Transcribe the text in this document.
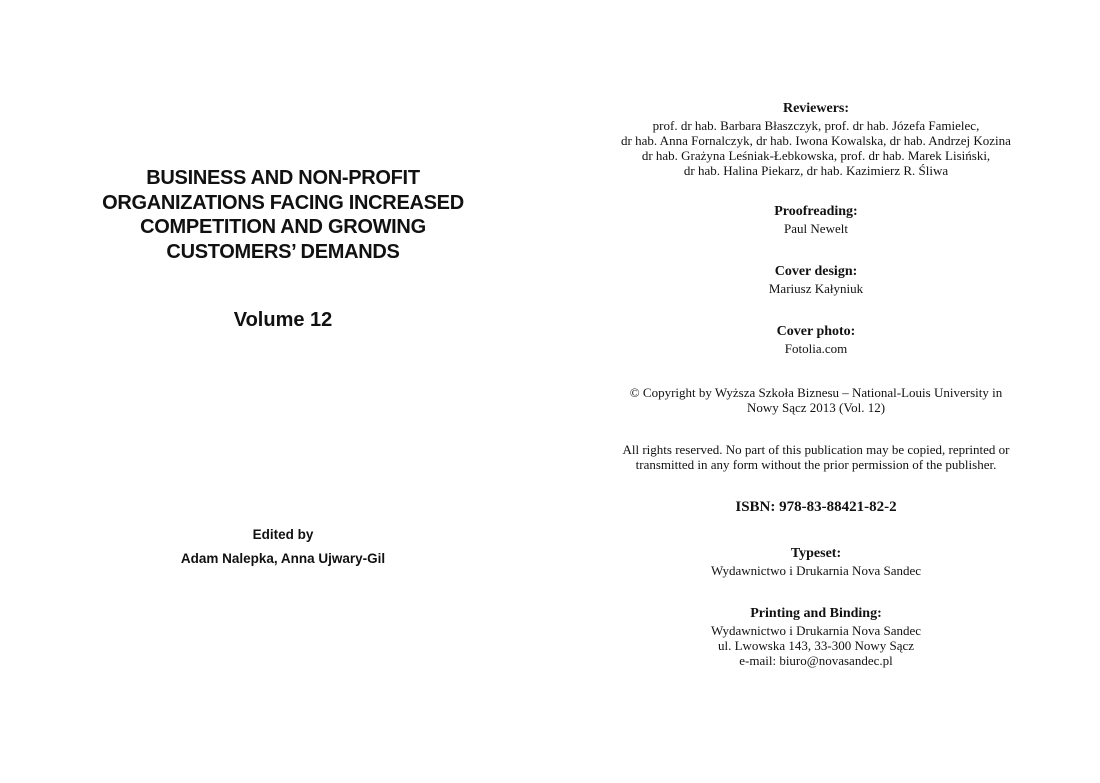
BUSINESS AND NON-PROFIT
ORGANIZATIONS FACING INCREASED
COMPETITION AND GROWING
CUSTOMERS’ DEMANDS
Volume 12
Edited by
Adam Nalepka, Anna Ujwary-Gil
Reviewers:
prof. dr hab. Barbara Błaszczyk, prof. dr hab. Józefa Famielec,
dr hab. Anna Fornalczyk, dr hab. Iwona Kowalska, dr hab. Andrzej Kozina
dr hab. Grażyna Leśniak-Łebkowska, prof. dr hab. Marek Lisiński,
dr hab. Halina Piekarz, dr hab. Kazimierz R. Śliwa
Proofreading:
Paul Newelt
Cover design:
Mariusz Kałyniuk
Cover photo:
Fotolia.com
© Copyright by Wyższa Szkoła Biznesu – National-Louis University in
Nowy Sącz 2013 (Vol. 12)
All rights reserved. No part of this publication may be copied, reprinted or
transmitted in any form without the prior permission of the publisher.
ISBN: 978-83-88421-82-2
Typeset:
Wydawnictwo i Drukarnia Nova Sandec
Printing and Binding:
Wydawnictwo i Drukarnia Nova Sandec
ul. Lwowska 143, 33-300 Nowy Sącz
e-mail: biuro@novasandec.pl
